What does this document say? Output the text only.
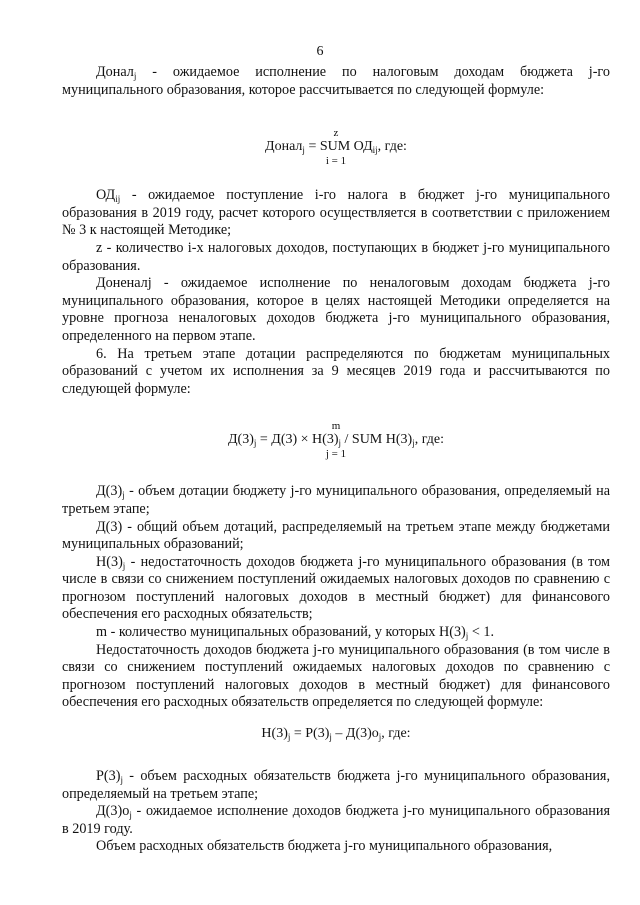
6

Донал$_j$ - ожидаемое исполнение по налоговым доходам бюджета j-го муниципального образования, которое рассчитывается по следующей формуле:

z
Донал$_j$ = SUM $ОД_{ij}$, где:
i = 1

$ОД_{ij}$ - ожидаемое поступление i-го налога в бюджет j-го муниципального образования в 2019 году, расчет которого осуществляется в соответствии с приложением № 3 к настоящей Методике;

z - количество i-х налоговых доходов, поступающих в бюджет j-го муниципального образования.

Доненалj - ожидаемое исполнение по неналоговым доходам бюджета j-го муниципального образования, которое в целях настоящей Методики определяется на уровне прогноза неналоговых доходов бюджета j-го муниципального образования, определенного на первом этапе.

6. На третьем этапе дотации распределяются по бюджетам муниципальных образований с учетом их исполнения за 9 месяцев 2019 года и рассчитываются по следующей формуле:

m
$Д(3)_j = Д(3) \times Н(3)_j$ / SUM $Н(3)_j$, где:
j = 1

$Д(3)_j$ - объем дотации бюджету j-го муниципального образования, определяемый на третьем этапе;

Д(3) - общий объем дотаций, распределяемый на третьем этапе между бюджетами муниципальных образований;

$Н(3)_j$ - недостаточность доходов бюджета j-го муниципального образования (в том числе в связи со снижением поступлений ожидаемых налоговых доходов по сравнению с прогнозом поступлений налоговых доходов в местный бюджет) для финансового обеспечения его расходных обязательств;

m - количество муниципальных образований, у которых $Н(3)_j < 1$.

Недостаточность доходов бюджета j-го муниципального образования (в том числе в связи со снижением поступлений ожидаемых налоговых доходов по сравнению с прогнозом поступлений налоговых доходов в местный бюджет) для финансового обеспечения его расходных обязательств определяется по следующей формуле:

$Н(3)_j = Р(3)_j - Д(3)о_j$, где:

$Р(3)_j$ - объем расходных обязательств бюджета j-го муниципального образования, определяемый на третьем этапе;

$Д(3)о_j$ - ожидаемое исполнение доходов бюджета j-го муниципального образования в 2019 году.

Объем расходных обязательств бюджета j-го муниципального образования,
